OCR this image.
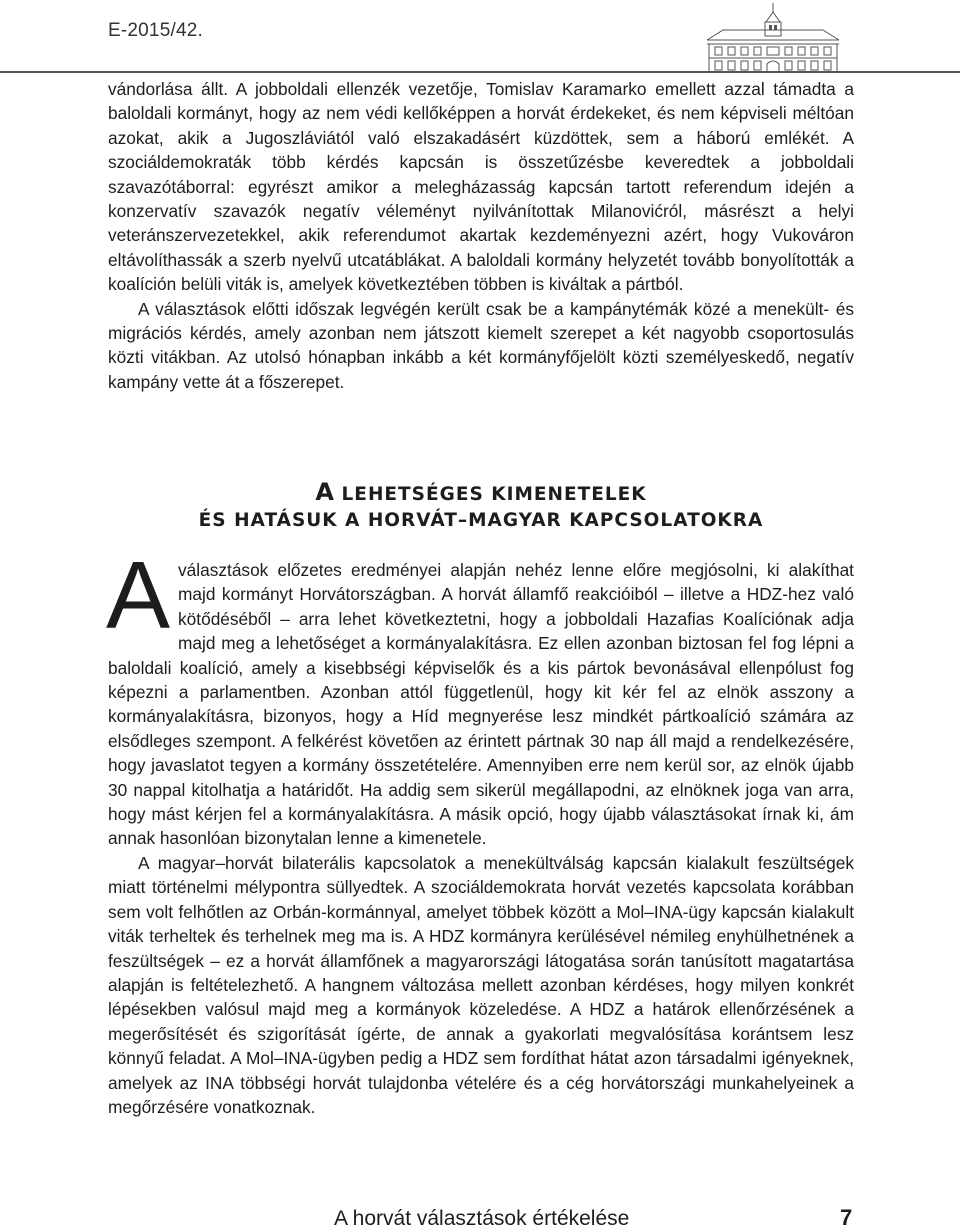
E-2015/42.

vándorlása állt. A jobboldali ellenzék vezetője, Tomislav Karamarko emellett azzal támadta a baloldali kormányt, hogy az nem védi kellőképpen a horvát érdekeket, és nem képviseli méltóan azokat, akik a Jugoszláviától való elszakadásért küzdöttek, sem a háború emlékét. A szociáldemokraták több kérdés kapcsán is összetűzésbe keveredtek a jobboldali szavazótáborral: egyrészt amikor a melegházasság kapcsán tartott referendum idején a konzervatív szavazók negatív véleményt nyilvánítottak Milanovićról, másrészt a helyi veteránszervezetekkel, akik referendumot akartak kezdeményezni azért, hogy Vukováron eltávolíthassák a szerb nyelvű utcatáblákat. A baloldali kormány helyzetét tovább bonyolították a koalíción belüli viták is, amelyek következtében többen is kiváltak a pártból.

A választások előtti időszak legvégén került csak be a kampánytémák közé a menekült- és migrációs kérdés, amely azonban nem játszott kiemelt szerepet a két nagyobb csoportosulás közti vitákban. Az utolsó hónapban inkább a két kormányfőjelölt közti személyeskedő, negatív kampány vette át a főszerepet.

A LEHETSÉGES KIMENETELEK
ÉS HATÁSUK A HORVÁT–MAGYAR KAPCSOLATOKRA

Aválasztások előzetes eredményei alapján nehéz lenne előre megjósolni, ki alakíthat majd kormányt Horvátországban. A horvát államfő reakcióiból – illetve a HDZ-hez való kötődéséből – arra lehet következtetni, hogy a jobboldali Hazafias Koalíciónak adja majd meg a lehetőséget a kormányalakításra. Ez ellen azonban biztosan fel fog lépni a baloldali koalíció, amely a kisebbségi képviselők és a kis pártok bevonásával ellenpólust fog képezni a parlamentben. Azonban attól függetlenül, hogy kit kér fel az elnök asszony a kormányalakításra, bizonyos, hogy a Híd megnyerése lesz mindkét pártkoalíció számára az elsődleges szempont. A felkérést követően az érintett pártnak 30 nap áll majd a rendelkezésére, hogy javaslatot tegyen a kormány összetételére. Amennyiben erre nem kerül sor, az elnök újabb 30 nappal kitolhatja a határidőt. Ha addig sem sikerül megállapodni, az elnöknek joga van arra, hogy mást kérjen fel a kormányalakításra. A másik opció, hogy újabb választásokat írnak ki, ám annak hasonlóan bizonytalan lenne a kimenetele.

A magyar–horvát bilaterális kapcsolatok a menekültválság kapcsán kialakult feszültségek miatt történelmi mélypontra süllyedtek. A szociáldemokrata horvát vezetés kapcsolata korábban sem volt felhőtlen az Orbán-kormánnyal, amelyet többek között a Mol–INA-ügy kapcsán kialakult viták terheltek és terhelnek meg ma is. A HDZ kormányra kerülésével némileg enyhülhetnének a feszültségek – ez a horvát államfőnek a magyarországi látogatása során tanúsított magatartása alapján is feltételezhető. A hangnem változása mellett azonban kérdéses, hogy milyen konkrét lépésekben valósul majd meg a kormányok közeledése. A HDZ a határok ellenőrzésének a megerősítését és szigorítását ígérte, de annak a gyakorlati megvalósítása korántsem lesz könnyű feladat. A Mol–INA-ügyben pedig a HDZ sem fordíthat hátat azon társadalmi igényeknek, amelyek az INA többségi horvát tulajdonba vételére és a cég horvátországi munkahelyeinek a megőrzésére vonatkoznak.

A horvát választások értékelése	7
